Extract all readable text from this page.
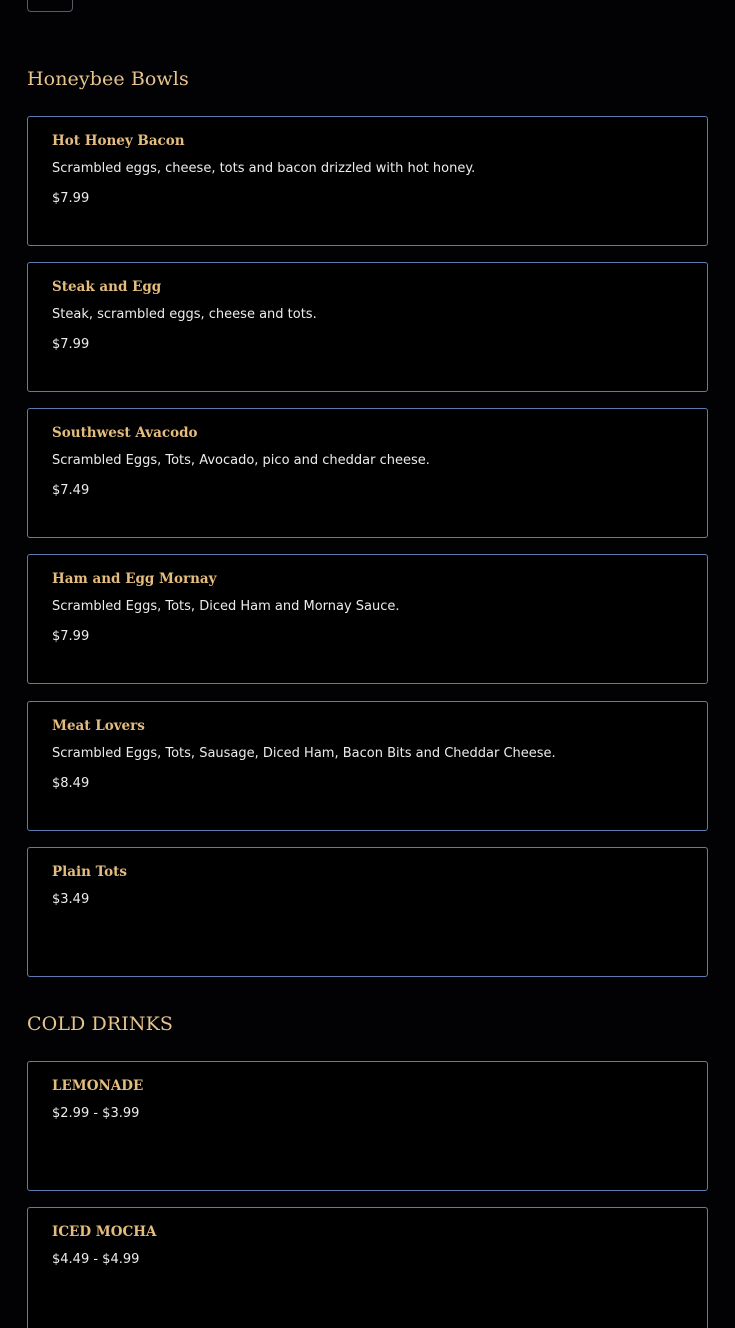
Honeybee Bowls

Hot Honey Bacon

Scrambled eggs, cheese, tots and bacon drizzled with hot honey.

$7.99

Steak and Egg

Steak, scrambled eggs, cheese and tots.

$7.99

Southwest Avacodo

Scrambled Eggs, Tots, Avocado, pico and cheddar cheese.

$7.49

Ham and Egg Mornay

Scrambled Eggs, Tots, Diced Ham and Mornay Sauce.

$7.99

Meat Lovers

Scrambled Eggs, Tots, Sausage, Diced Ham, Bacon Bits and Cheddar Cheese.

$8.49

Plain Tots

$3.49

COLD DRINKS

LEMONADE

$2.99 - $3.99

ICED MOCHA

$4.49 - $4.99
